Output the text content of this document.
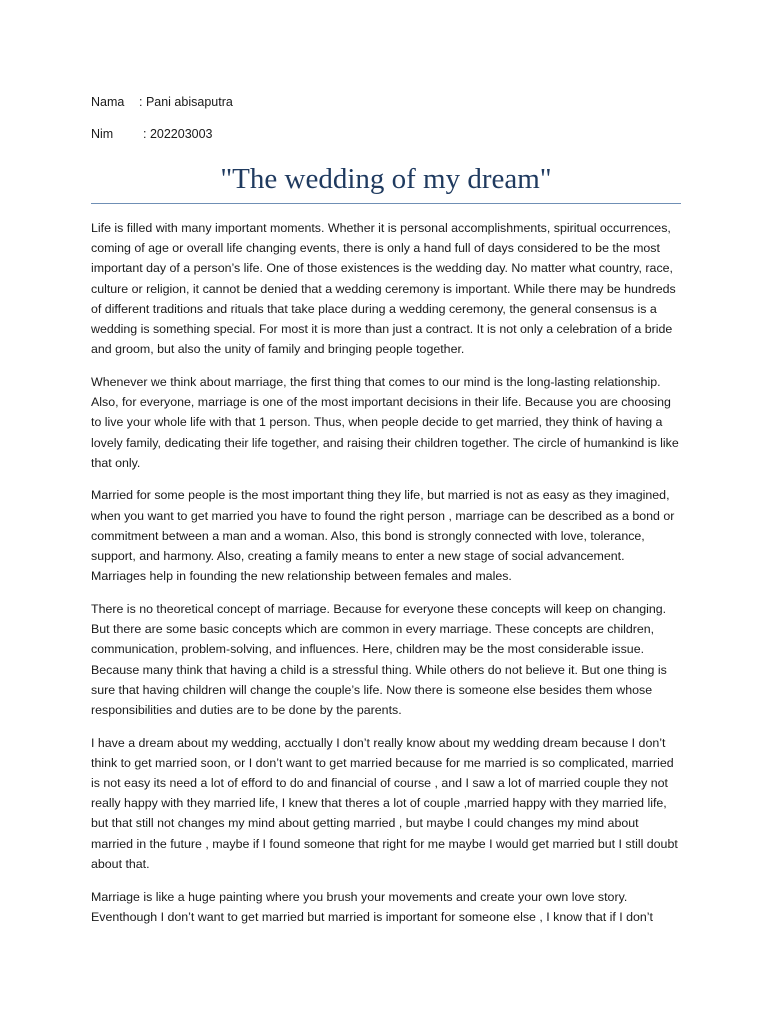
Nama : Pani abisaputra
Nim : 202203003
"The wedding of my dream"

Life is filled with many important moments. Whether it is personal accomplishments, spiritual occurrences, coming of age or overall life changing events, there is only a hand full of days considered to be the most important day of a person’s life. One of those existences is the wedding day. No matter what country, race, culture or religion, it cannot be denied that a wedding ceremony is important. While there may be hundreds of different traditions and rituals that take place during a wedding ceremony, the general consensus is a wedding is something special. For most it is more than just a contract. It is not only a celebration of a bride and groom, but also the unity of family and bringing people together.

Whenever we think about marriage, the first thing that comes to our mind is the long-lasting relationship. Also, for everyone, marriage is one of the most important decisions in their life. Because you are choosing to live your whole life with that 1 person. Thus, when people decide to get married, they think of having a lovely family, dedicating their life together, and raising their children together. The circle of humankind is like that only.

Married for some people is the most important thing they life, but married is not as easy as they imagined, when you want to get married you have to found the right person , marriage can be described as a bond or commitment between a man and a woman. Also, this bond is strongly connected with love, tolerance, support, and harmony. Also, creating a family means to enter a new stage of social advancement. Marriages help in founding the new relationship between females and males.

There is no theoretical concept of marriage. Because for everyone these concepts will keep on changing. But there are some basic concepts which are common in every marriage. These concepts are children, communication, problem-solving, and influences. Here, children may be the most considerable issue. Because many think that having a child is a stressful thing. While others do not believe it. But one thing is sure that having children will change the couple’s life. Now there is someone else besides them whose responsibilities and duties are to be done by the parents.

I have a dream about my wedding, acctually I don’t really know about my wedding dream because I don’t think to get married soon, or I don’t want to get married because for me married is so complicated, married is not easy its need a lot of efford to do and financial of course , and I saw a lot of married couple they not really happy with they married life, I knew that theres a lot of couple ,married happy with they married life, but that still not changes my mind about getting married , but maybe I could changes my mind about married in the future , maybe if I found someone that right for me maybe I would get married but I still doubt about that.

Marriage is like a huge painting where you brush your movements and create your own love story. Eventhough I don’t want to get married but married is important for someone else , I know that if I don’t
